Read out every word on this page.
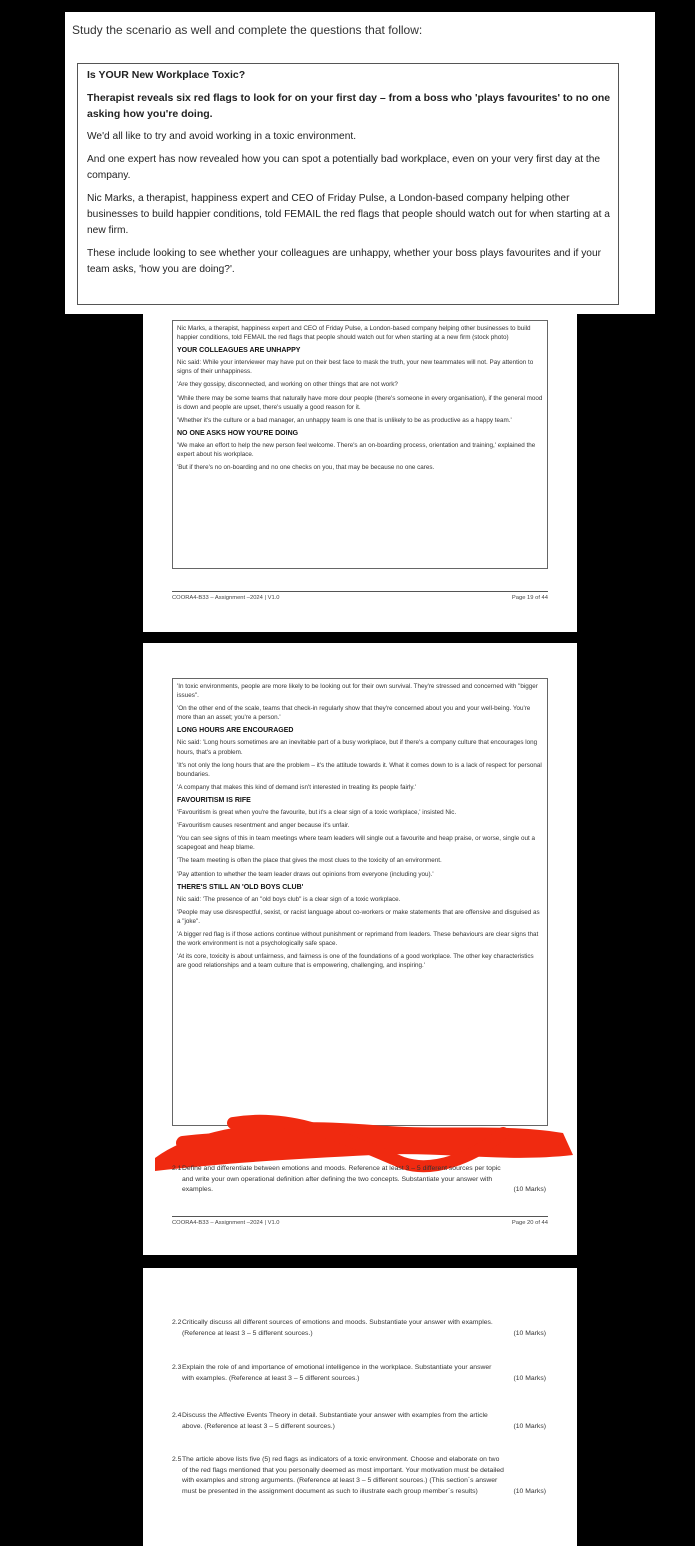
Study the scenario as well and complete the questions that follow:

Is YOUR New Workplace Toxic?

Therapist reveals six red flags to look for on your first day – from a boss who 'plays favourites' to no one asking how you're doing.

We'd all like to try and avoid working in a toxic environment.

And one expert has now revealed how you can spot a potentially bad workplace, even on your very first day at the company.

Nic Marks, a therapist, happiness expert and CEO of Friday Pulse, a London-based company helping other businesses to build happier conditions, told FEMAIL the red flags that people should watch out for when starting at a new firm.

These include looking to see whether your colleagues are unhappy, whether your boss plays favourites and if your team asks, 'how you are doing?'.

Nic Marks, a therapist, happiness expert and CEO of Friday Pulse, a London-based company helping other businesses to build happier conditions, told FEMAIL the red flags that people should watch out for when starting at a new firm (stock photo)

YOUR COLLEAGUES ARE UNHAPPY

Nic said: While your interviewer may have put on their best face to mask the truth, your new teammates will not. Pay attention to signs of their unhappiness.

'Are they gossipy, disconnected, and working on other things that are not work?

'While there may be some teams that naturally have more dour people (there's someone in every organisation), if the general mood is down and people are upset, there's usually a good reason for it.

'Whether it's the culture or a bad manager, an unhappy team is one that is unlikely to be as productive as a happy team.'

NO ONE ASKS HOW YOU'RE DOING

'We make an effort to help the new person feel welcome. There's an on-boarding process, orientation and training,' explained the expert about his workplace.

'But if there's no on-boarding and no one checks on you, that may be because no one cares.

COORA4-B33 – Assignment –2024 | V1.0	Page 19 of 44

'In toxic environments, people are more likely to be looking out for their own survival. They're stressed and concerned with "bigger issues".

'On the other end of the scale, teams that check-in regularly show that they're concerned about you and your well-being. You're more than an asset; you're a person.'

LONG HOURS ARE ENCOURAGED

Nic said: 'Long hours sometimes are an inevitable part of a busy workplace, but if there's a company culture that encourages long hours, that's a problem.

'It's not only the long hours that are the problem – it's the attitude towards it. What it comes down to is a lack of respect for personal boundaries.

'A company that makes this kind of demand isn't interested in treating its people fairly.'

FAVOURITISM IS RIFE

'Favouritism is great when you're the favourite, but it's a clear sign of a toxic workplace,' insisted Nic.

'Favouritism causes resentment and anger because it's unfair.

'You can see signs of this in team meetings where team leaders will single out a favourite and heap praise, or worse, single out a scapegoat and heap blame.

'The team meeting is often the place that gives the most clues to the toxicity of an environment.

'Pay attention to whether the team leader draws out opinions from everyone (including you).'

THERE'S STILL AN 'OLD BOYS CLUB'

Nic said: 'The presence of an "old boys club" is a clear sign of a toxic workplace.

'People may use disrespectful, sexist, or racist language about co-workers or make statements that are offensive and disguised as a "joke".

'A bigger red flag is if those actions continue without punishment or reprimand from leaders. These behaviours are clear signs that the work environment is not a psychologically safe space.

'At its core, toxicity is about unfairness, and fairness is one of the foundations of a good workplace. The other key characteristics are good relationships and a team culture that is empowering, challenging, and inspiring.'

2.1 Define and differentiate between emotions and moods. Reference at least 3 – 5 different sources per topic and write your own operational definition after defining the two concepts. Substantiate your answer with examples.	(10 Marks)
COORA4-B33 – Assignment –2024 | V1.0	Page 20 of 44
2.2 Critically discuss all different sources of emotions and moods. Substantiate your answer with examples. (Reference at least 3 – 5 different sources.)	(10 Marks)
2.3 Explain the role of and importance of emotional intelligence in the workplace. Substantiate your answer with examples. (Reference at least 3 – 5 different sources.)	(10 Marks)
2.4 Discuss the Affective Events Theory in detail. Substantiate your answer with examples from the article above. (Reference at least 3 – 5 different sources.)	(10 Marks)
2.5 The article above lists five (5) red flags as indicators of a toxic environment. Choose and elaborate on two of the red flags mentioned that you personally deemed as most important. Your motivation must be detailed with examples and strong arguments. (Reference at least 3 – 5 different sources.) (This section`s answer must be presented in the assignment document as such to illustrate each group member`s results)	(10 Marks)
